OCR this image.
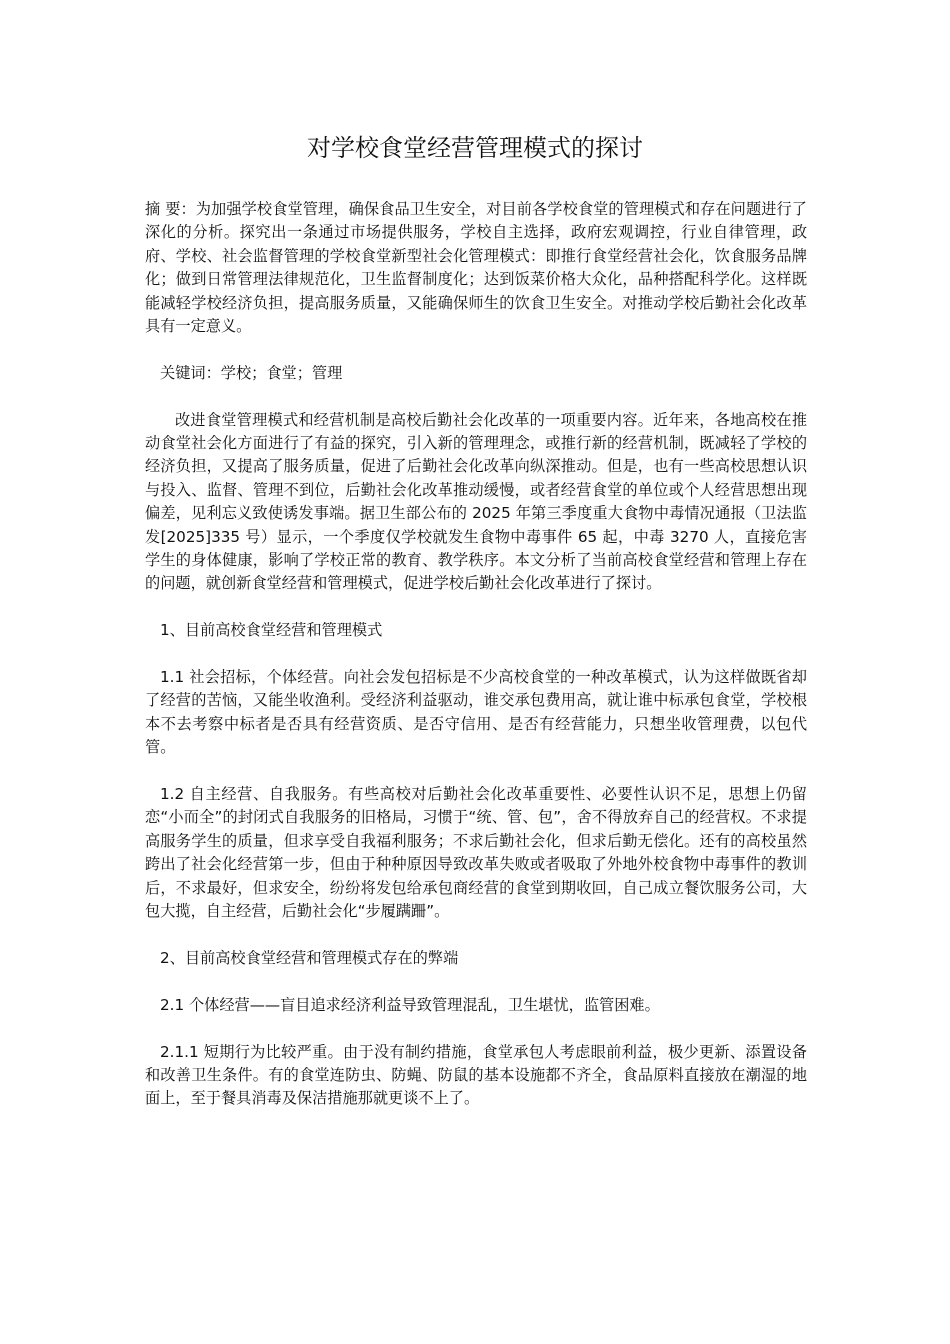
对学校食堂经营管理模式的探讨

摘 要：为加强学校食堂管理，确保食品卫生安全，对目前各学校食堂的管理模式和存在问题进行了深化的分析。探究出一条通过市场提供服务，学校自主选择，政府宏观调控，行业自律管理，政府、学校、社会监督管理的学校食堂新型社会化管理模式：即推行食堂经营社会化，饮食服务品牌化；做到日常管理法律规范化，卫生监督制度化；达到饭菜价格大众化，品种搭配科学化。这样既能减轻学校经济负担，提高服务质量，又能确保师生的饮食卫生安全。对推动学校后勤社会化改革具有一定意义。

关键词：学校；食堂；管理

改进食堂管理模式和经营机制是高校后勤社会化改革的一项重要内容。近年来，各地高校在推动食堂社会化方面进行了有益的探究，引入新的管理理念，或推行新的经营机制，既减轻了学校的经济负担，又提高了服务质量，促进了后勤社会化改革向纵深推动。但是，也有一些高校思想认识与投入、监督、管理不到位，后勤社会化改革推动缓慢，或者经营食堂的单位或个人经营思想出现偏差，见利忘义致使诱发事端。据卫生部公布的 2025 年第三季度重大食物中毒情况通报（卫法监发[2025]335 号）显示，一个季度仅学校就发生食物中毒事件 65 起，中毒 3270 人，直接危害学生的身体健康，影响了学校正常的教育、教学秩序。本文分析了当前高校食堂经营和管理上存在的问题，就创新食堂经营和管理模式，促进学校后勤社会化改革进行了探讨。

1、目前高校食堂经营和管理模式

1.1 社会招标，个体经营。向社会发包招标是不少高校食堂的一种改革模式，认为这样做既省却了经营的苦恼，又能坐收渔利。受经济利益驱动，谁交承包费用高，就让谁中标承包食堂，学校根本不去考察中标者是否具有经营资质、是否守信用、是否有经营能力，只想坐收管理费，以包代管。

1.2 自主经营、自我服务。有些高校对后勤社会化改革重要性、必要性认识不足，思想上仍留恋“小而全”的封闭式自我服务的旧格局，习惯于“统、管、包”，舍不得放弃自己的经营权。不求提高服务学生的质量，但求享受自我福利服务；不求后勤社会化，但求后勤无偿化。还有的高校虽然跨出了社会化经营第一步，但由于种种原因导致改革失败或者吸取了外地外校食物中毒事件的教训后，不求最好，但求安全，纷纷将发包给承包商经营的食堂到期收回，自己成立餐饮服务公司，大包大揽，自主经营，后勤社会化“步履蹒跚”。

2、目前高校食堂经营和管理模式存在的弊端

2.1 个体经营——盲目追求经济利益导致管理混乱，卫生堪忧，监管困难。

2.1.1 短期行为比较严重。由于没有制约措施，食堂承包人考虑眼前利益，极少更新、添置设备和改善卫生条件。有的食堂连防虫、防蝇、防鼠的基本设施都不齐全，食品原料直接放在潮湿的地面上，至于餐具消毒及保洁措施那就更谈不上了。
